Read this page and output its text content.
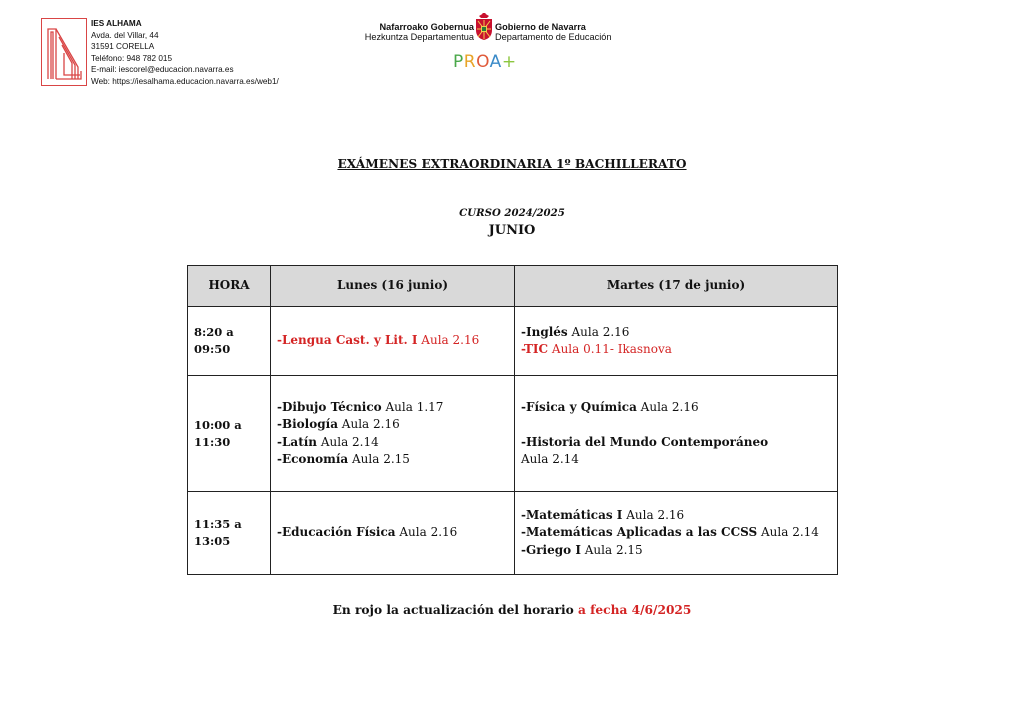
IES ALHAMA
Avda. del Villar, 44
31591 CORELLA
Teléfono: 948 782 015
E-mail: iescorel@educacion.navarra.es
Web: https://iesalhama.educacion.navarra.es/web1/
Nafarroako Gobernua
Hezkuntza Departamentua
Gobierno de Navarra
Departamento de Educación
PROA+
EXÁMENES EXTRAORDINARIA 1º BACHILLERATO
CURSO 2024/2025
JUNIO
HORA	Lunes (16 junio)	Martes (17 de junio)

8:20 a
09:50	-Lengua Cast. y Lit. I Aula 2.16	-Inglés Aula 2.16
-TIC Aula 0.11- Ikasnova

10:00 a
11:30	-Dibujo Técnico Aula 1.17
-Biología Aula 2.16
-Latín Aula 2.14
-Economía Aula 2.15	-Física y Química Aula 2.16
-Historia del Mundo Contemporáneo
Aula 2.14

11:35 a
13:05	-Educación Física Aula 2.16	-Matemáticas I Aula 2.16
-Matemáticas Aplicadas a las CCSS Aula 2.14
-Griego I Aula 2.15
En rojo la actualización del horario a fecha 4/6/2025
